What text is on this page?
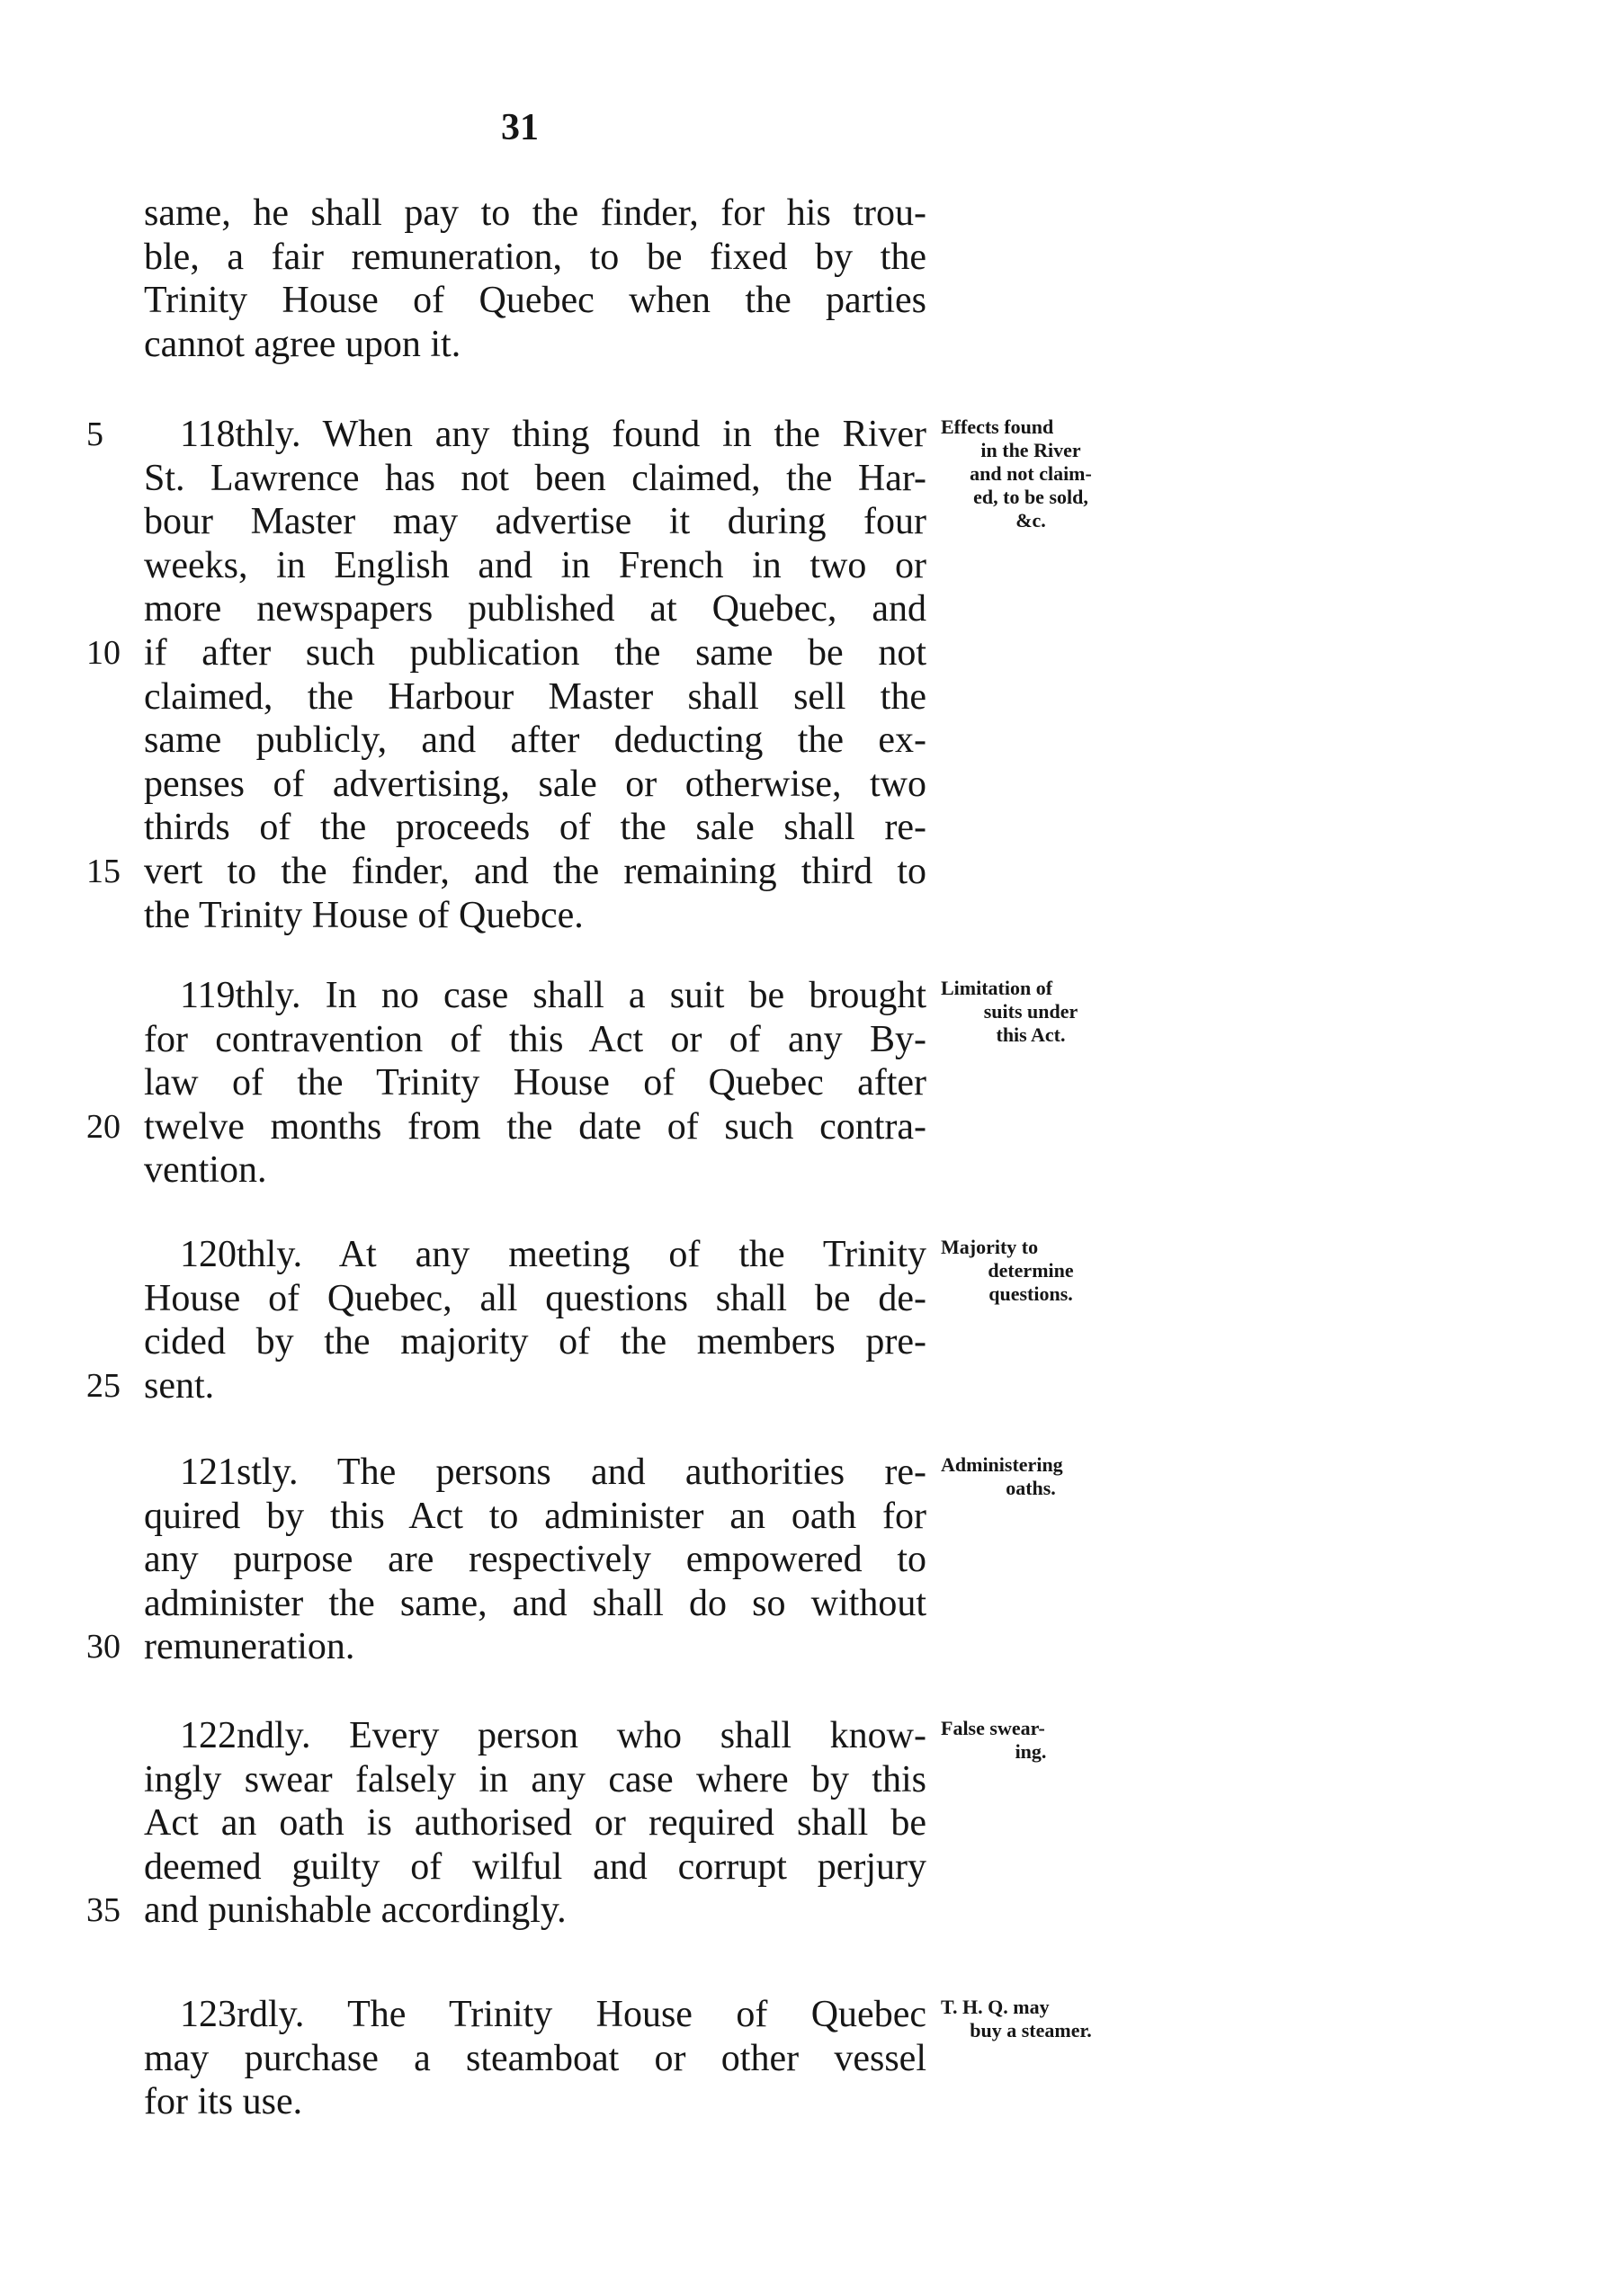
31
same, he shall pay to the finder, for his trou-
ble, a fair remuneration, to be fixed by the
Trinity House of Quebec when the parties
cannot agree upon it.
118thly. When any thing found in the River
5
St. Lawrence has not been claimed, the Har-
bour Master may advertise it during four
weeks, in English and in French in two or
more newspapers published at Quebec, and
if after such publication the same be not
10
claimed, the Harbour Master shall sell the
same publicly, and after deducting the ex-
penses of advertising, sale or otherwise, two
thirds of the proceeds of the sale shall re-
vert to the finder, and the remaining third to
15
the Trinity House of Quebce.
Effects found
in the River
and not claim-
ed, to be sold,
&c.
119thly. In no case shall a suit be brought
for contravention of this Act or of any By-
law of the Trinity House of Quebec after
twelve months from the date of such contra-
20
vention.
Limitation of
suits under
this Act.
120thly. At any meeting of the Trinity
House of Quebec, all questions shall be de-
cided by the majority of the members pre-
sent.
25
Majority to
determine
questions.
121stly. The persons and authorities re-
quired by this Act to administer an oath for
any purpose are respectively empowered to
administer the same, and shall do so without
remuneration.
30
Administering
oaths.
122ndly. Every person who shall know-
ingly swear falsely in any case where by this
Act an oath is authorised or required shall be
deemed guilty of wilful and corrupt perjury
and punishable accordingly.
35
False swear-
ing.
123rdly. The Trinity House of Quebec
may purchase a steamboat or other vessel
for its use.
T. H. Q. may
buy a steamer.
